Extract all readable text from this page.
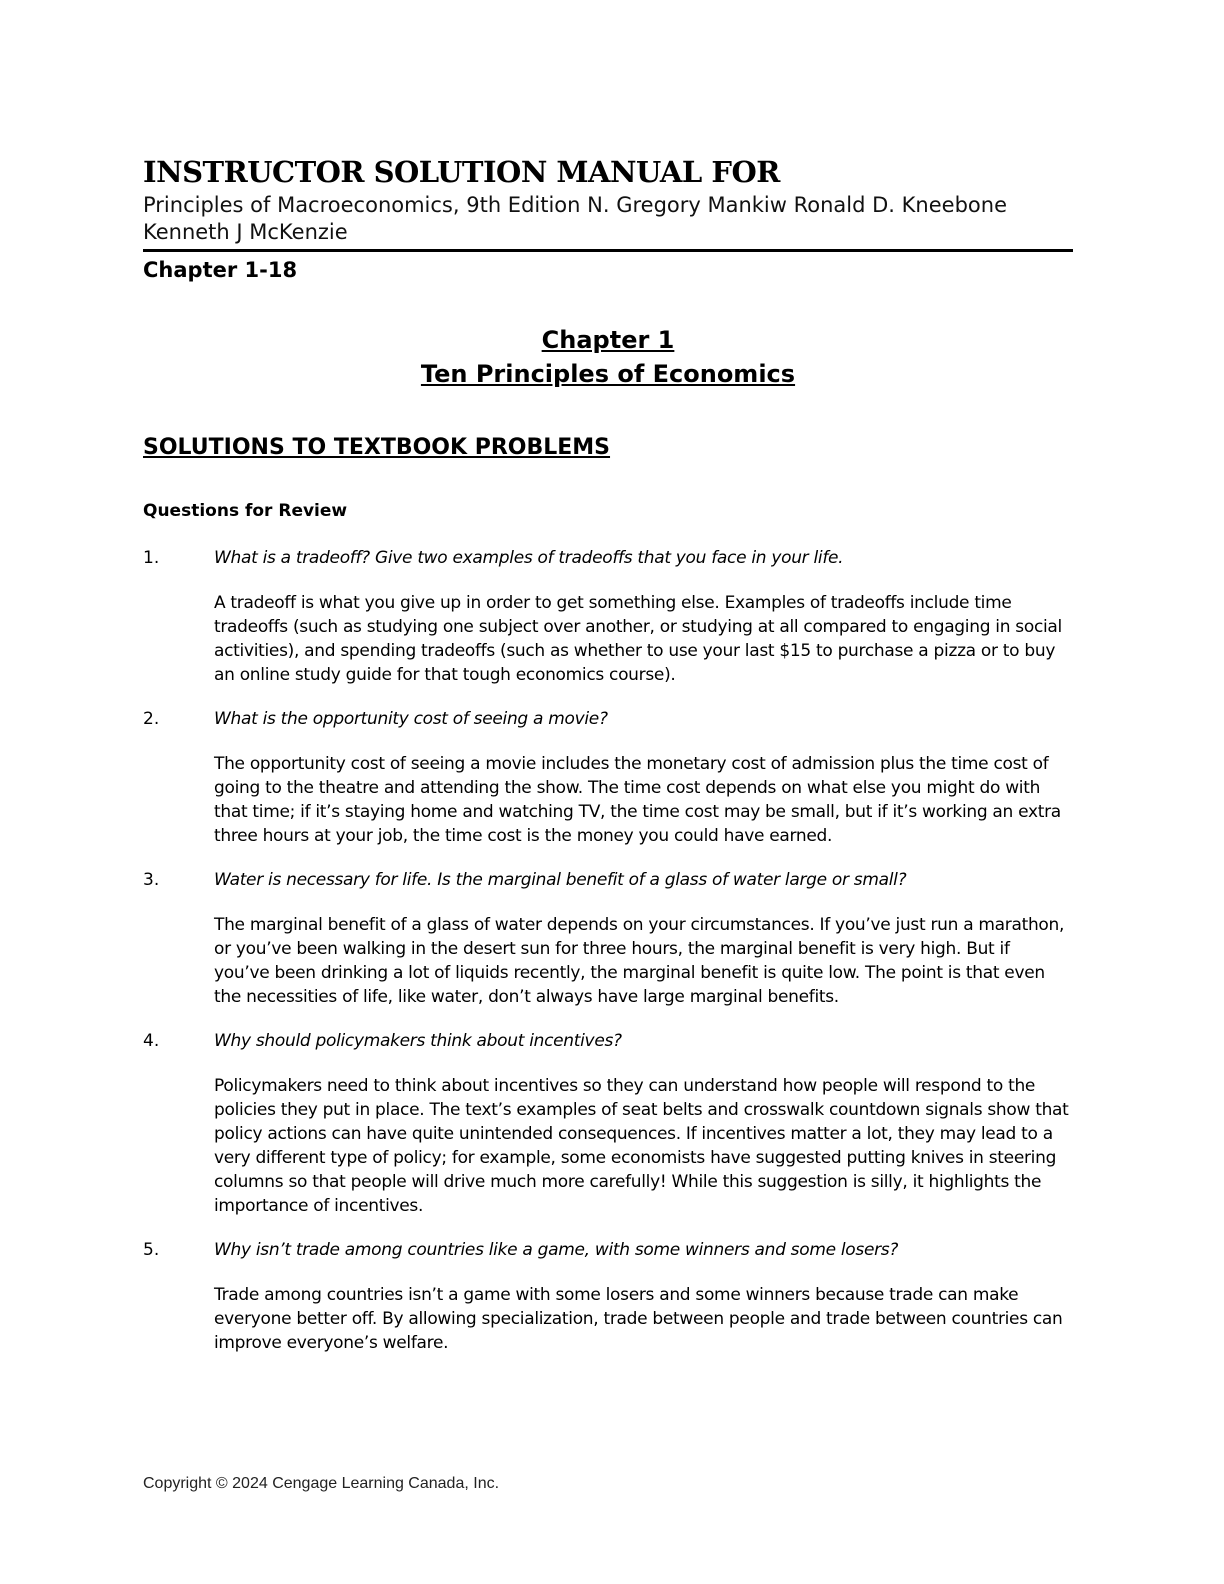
INSTRUCTOR SOLUTION MANUAL FOR
Principles of Macroeconomics, 9th Edition N. Gregory Mankiw Ronald D. Kneebone Kenneth J McKenzie
Chapter 1-18
Chapter 1
Ten Principles of Economics
SOLUTIONS TO TEXTBOOK PROBLEMS
Questions for Review
1.	What is a tradeoff? Give two examples of tradeoffs that you face in your life.
A tradeoff is what you give up in order to get something else. Examples of tradeoffs include time tradeoffs (such as studying one subject over another, or studying at all compared to engaging in social activities), and spending tradeoffs (such as whether to use your last $15 to purchase a pizza or to buy an online study guide for that tough economics course).
2.	What is the opportunity cost of seeing a movie?
The opportunity cost of seeing a movie includes the monetary cost of admission plus the time cost of going to the theatre and attending the show. The time cost depends on what else you might do with that time; if it’s staying home and watching TV, the time cost may be small, but if it’s working an extra three hours at your job, the time cost is the money you could have earned.
3.	Water is necessary for life. Is the marginal benefit of a glass of water large or small?
The marginal benefit of a glass of water depends on your circumstances. If you’ve just run a marathon, or you’ve been walking in the desert sun for three hours, the marginal benefit is very high. But if you’ve been drinking a lot of liquids recently, the marginal benefit is quite low. The point is that even the necessities of life, like water, don’t always have large marginal benefits.
4.	Why should policymakers think about incentives?
Policymakers need to think about incentives so they can understand how people will respond to the policies they put in place. The text’s examples of seat belts and crosswalk countdown signals show that policy actions can have quite unintended consequences. If incentives matter a lot, they may lead to a very different type of policy; for example, some economists have suggested putting knives in steering columns so that people will drive much more carefully! While this suggestion is silly, it highlights the importance of incentives.
5.	Why isn’t trade among countries like a game, with some winners and some losers?
Trade among countries isn’t a game with some losers and some winners because trade can make everyone better off. By allowing specialization, trade between people and trade between countries can improve everyone’s welfare.
Copyright © 2024 Cengage Learning Canada, Inc.
